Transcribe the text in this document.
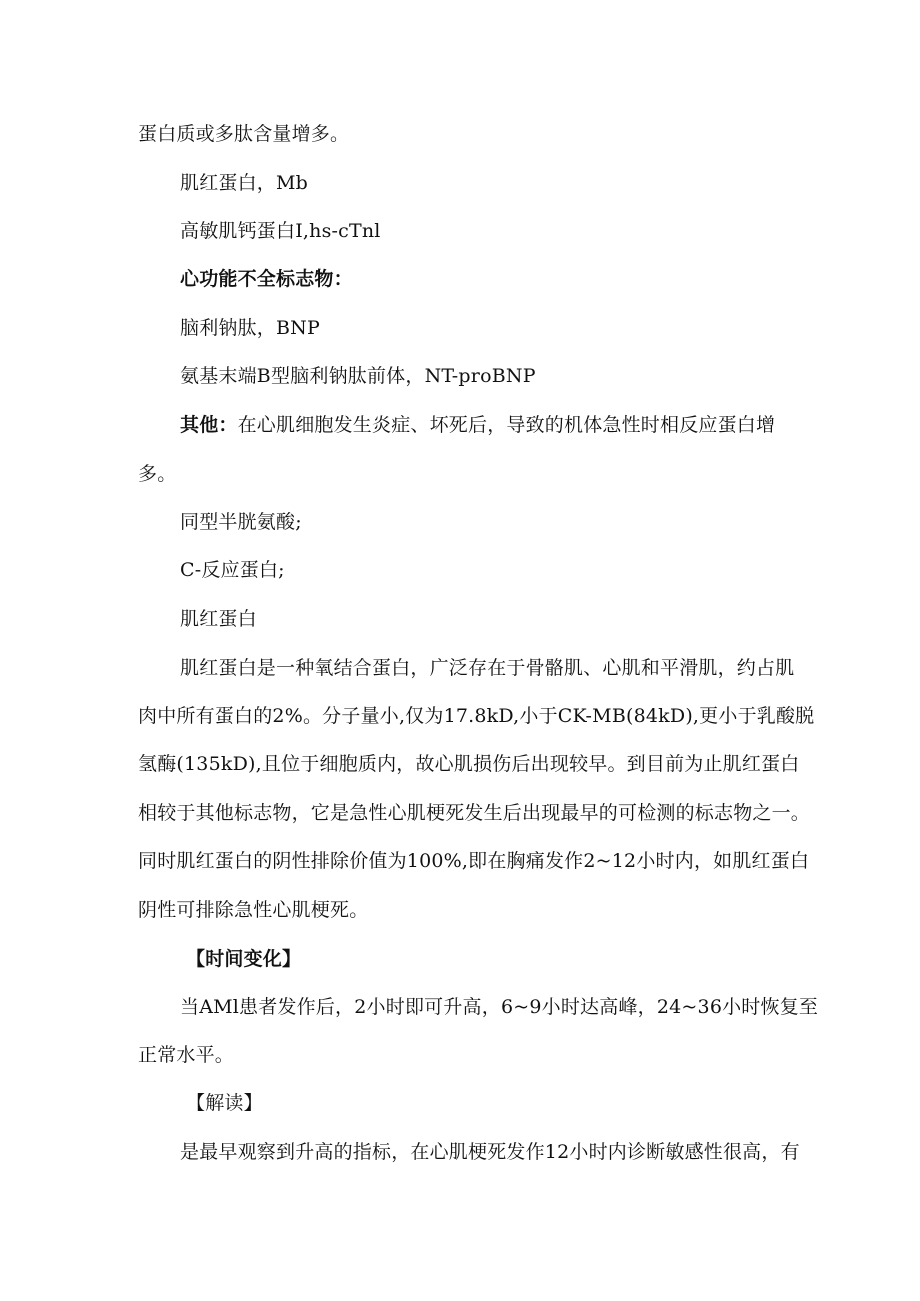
蛋白质或多肽含量增多。
肌红蛋白，Mb
高敏肌钙蛋白I,hs-cTnl
心功能不全标志物：
脑利钠肽，BNP
氨基末端B型脑利钠肽前体，NT-proBNP
其他：在心肌细胞发生炎症、坏死后，导致的机体急性时相反应蛋白增
多。
同型半胱氨酸;
C-反应蛋白;
肌红蛋白
肌红蛋白是一种氧结合蛋白，广泛存在于骨骼肌、心肌和平滑肌，约占肌
肉中所有蛋白的2%。分子量小,仅为17.8kD,小于CK-MB(84kD),更小于乳酸脱
氢酶(135kD),且位于细胞质内，故心肌损伤后出现较早。到目前为止肌红蛋白
相较于其他标志物，它是急性心肌梗死发生后出现最早的可检测的标志物之一。
同时肌红蛋白的阴性排除价值为100%,即在胸痛发作2~12小时内，如肌红蛋白
阴性可排除急性心肌梗死。
【时间变化】
当AMl患者发作后，2小时即可升高，6~9小时达高峰，24~36小时恢复至
正常水平。
【解读】
是最早观察到升高的指标，在心肌梗死发作12小时内诊断敏感性很高，有
